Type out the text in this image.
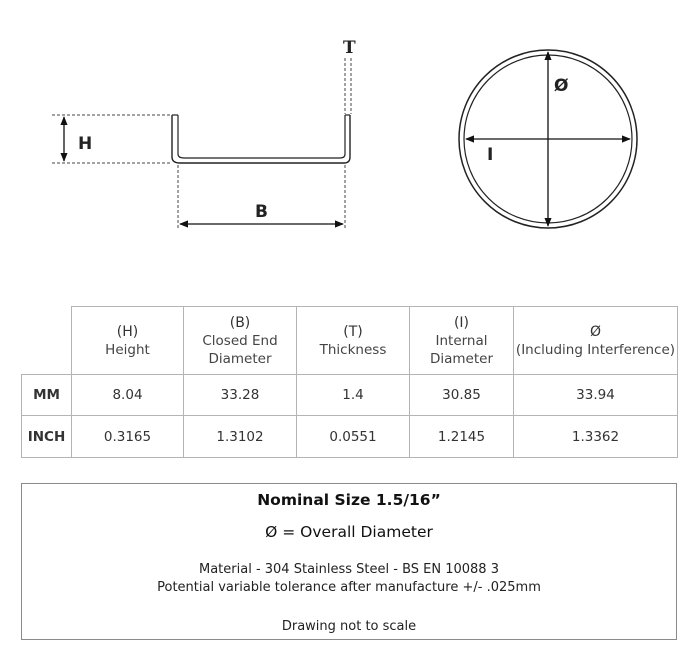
H
B
T
Ø
I

	(H)
Height	(B)
Closed End Diameter	(T)
Thickness	(I)
Internal Diameter	Ø
(Including Interference)

MM	8.04	33.28	1.4	30.85	33.94
INCH	0.3165	1.3102	0.0551	1.2145	1.3362
Nominal Size 1.5/16”
Ø = Overall Diameter
Material - 304 Stainless Steel - BS EN 10088 3
Potential variable tolerance after manufacture +/- .025mm
Drawing not to scale
